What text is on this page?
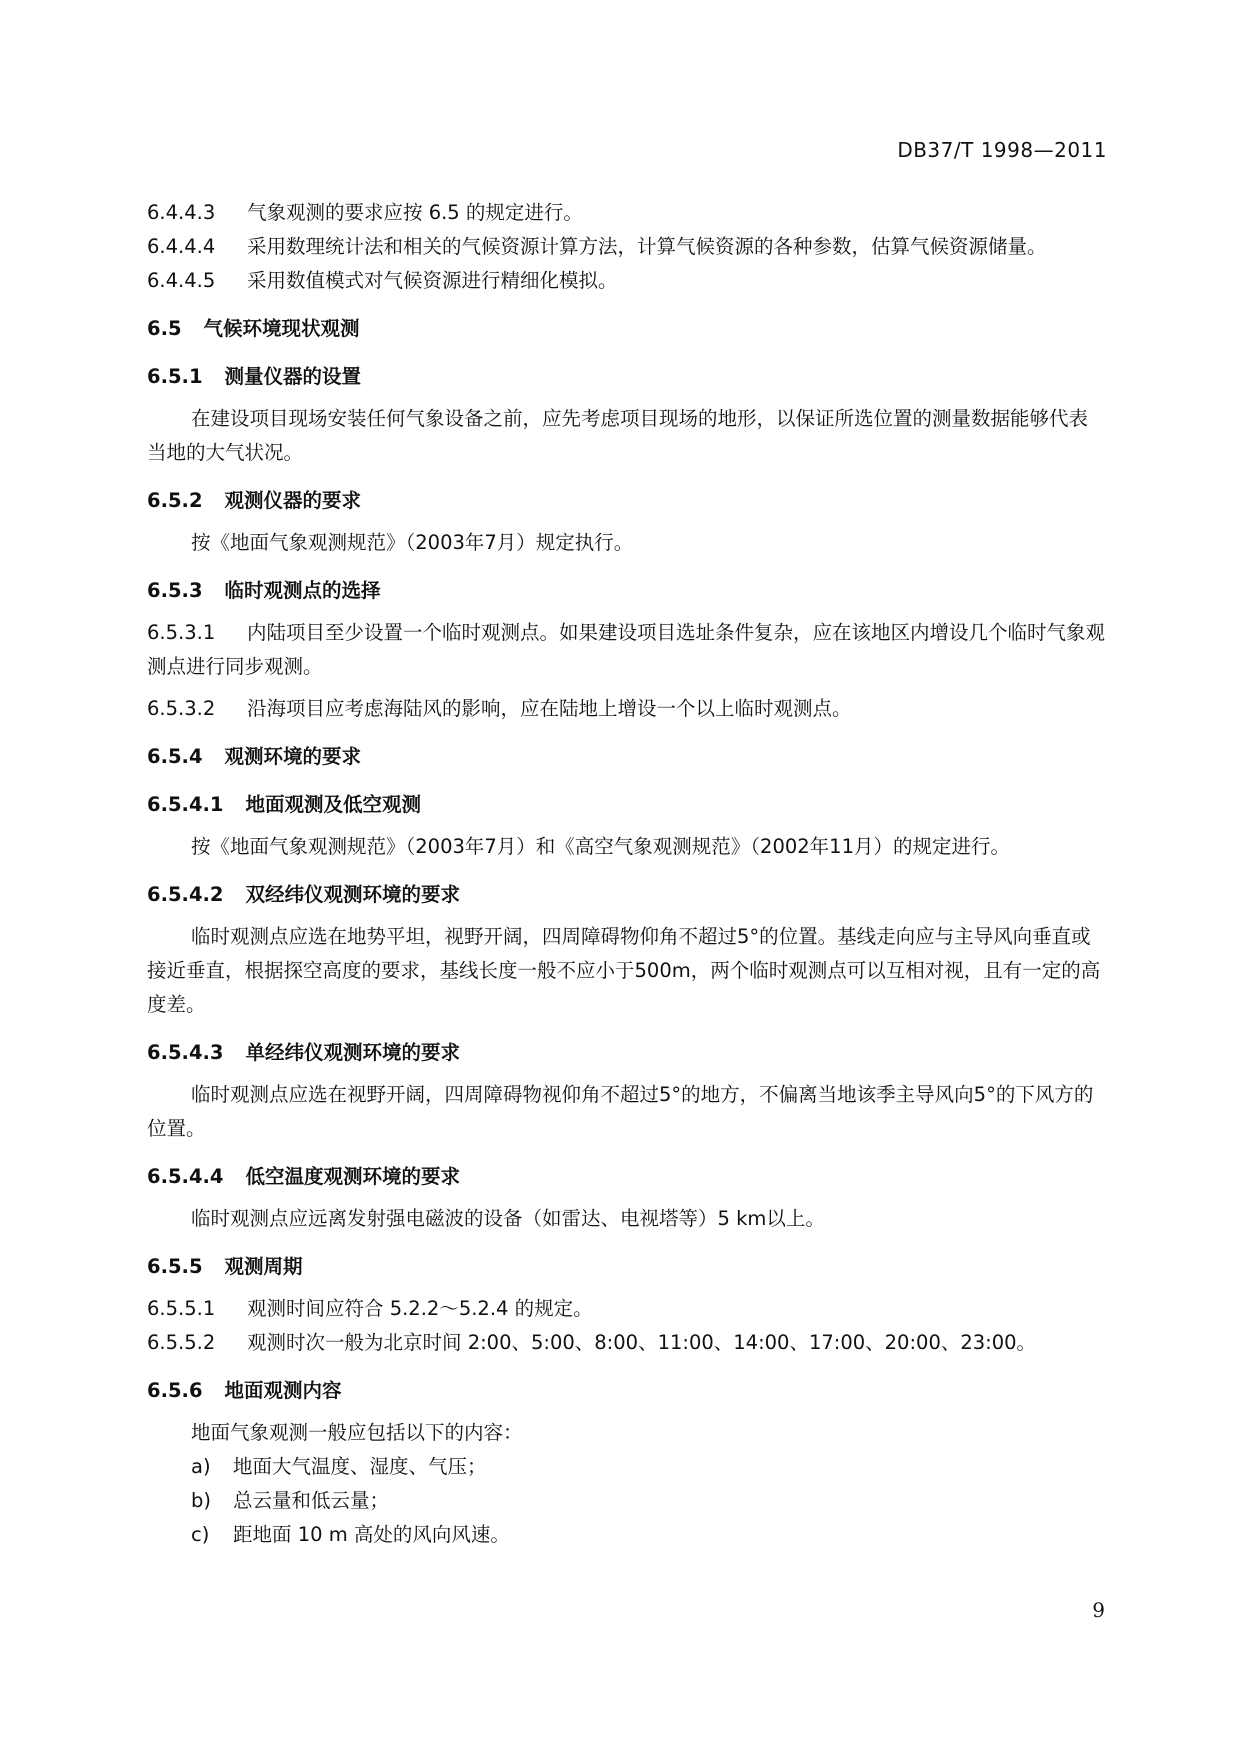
DB37/T 1998—2011
6.4.4.3 气象观测的要求应按 6.5 的规定进行。
6.4.4.4 采用数理统计法和相关的气候资源计算方法，计算气候资源的各种参数，估算气候资源储量。
6.4.4.5 采用数值模式对气候资源进行精细化模拟。
6.5 气候环境现状观测
6.5.1 测量仪器的设置
在建设项目现场安装任何气象设备之前，应先考虑项目现场的地形，以保证所选位置的测量数据能够代表当地的大气状况。
6.5.2 观测仪器的要求
按《地面气象观测规范》（2003年7月）规定执行。
6.5.3 临时观测点的选择
6.5.3.1 内陆项目至少设置一个临时观测点。如果建设项目选址条件复杂，应在该地区内增设几个临时气象观测点进行同步观测。
6.5.3.2 沿海项目应考虑海陆风的影响，应在陆地上增设一个以上临时观测点。
6.5.4 观测环境的要求
6.5.4.1 地面观测及低空观测
按《地面气象观测规范》（2003年7月）和《高空气象观测规范》（2002年11月）的规定进行。
6.5.4.2 双经纬仪观测环境的要求
临时观测点应选在地势平坦，视野开阔，四周障碍物仰角不超过5°的位置。基线走向应与主导风向垂直或接近垂直，根据探空高度的要求，基线长度一般不应小于500m，两个临时观测点可以互相对视，且有一定的高度差。
6.5.4.3 单经纬仪观测环境的要求
临时观测点应选在视野开阔，四周障碍物视仰角不超过5°的地方，不偏离当地该季主导风向5°的下风方的位置。
6.5.4.4 低空温度观测环境的要求
临时观测点应远离发射强电磁波的设备（如雷达、电视塔等）5 km以上。
6.5.5 观测周期
6.5.5.1 观测时间应符合 5.2.2～5.2.4 的规定。
6.5.5.2 观测时次一般为北京时间 2:00、5:00、8:00、11:00、14:00、17:00、20:00、23:00。
6.5.6 地面观测内容
地面气象观测一般应包括以下的内容：
a) 地面大气温度、湿度、气压；
b) 总云量和低云量；
c) 距地面 10 m 高处的风向风速。
9
